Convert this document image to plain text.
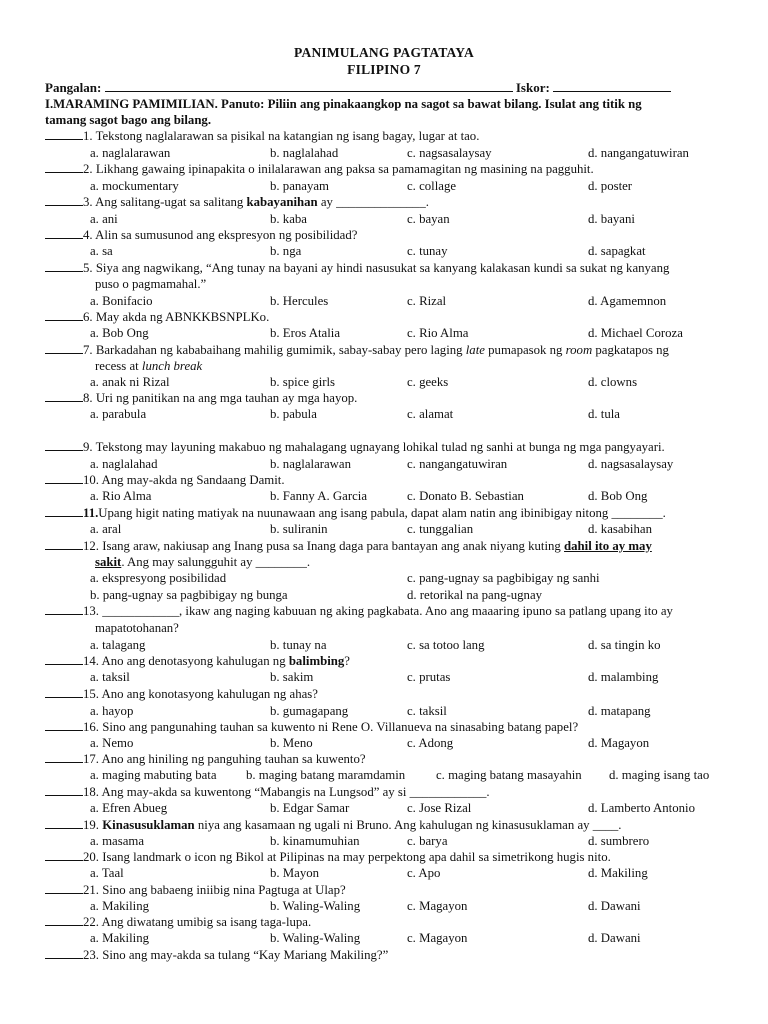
PANIMULANG PAGTATAYA
FILIPINO 7
Pangalan:	Iskor:
I.MARAMING PAMIMILIAN. Panuto: Piliin ang pinakaangkop na sagot sa bawat bilang. Isulat ang titik ng
tamang sagot bago ang bilang.
1. Tekstong naglalarawan sa pisikal na katangian ng isang bagay, lugar at tao.
a. naglalarawan	b. naglalahad	c. nagsasalaysay	d. nangangatuwiran
2. Likhang gawaing ipinapakita o inilalarawan ang paksa sa pamamagitan ng masining na pagguhit.
a. mockumentary	b. panayam	c. collage	d. poster
3. Ang salitang-ugat sa salitang kabayanihan ay ______________.
a. ani	b. kaba	c. bayan	d. bayani
4. Alin sa sumusunod ang ekspresyon ng posibilidad?
a. sa	b. nga	c. tunay	d. sapagkat
5. Siya ang nagwikang, “Ang tunay na bayani ay hindi nasusukat sa kanyang kalakasan kundi sa sukat ng kanyang
puso o pagmamahal.”
a. Bonifacio	b. Hercules	c. Rizal	d. Agamemnon
6. May akda ng ABNKKBSNPLKo.
a. Bob Ong	b. Eros Atalia	c. Rio Alma	d. Michael Coroza
7. Barkadahan ng kababaihang mahilig gumimik, sabay-sabay pero laging late pumapasok ng room pagkatapos ng
recess at lunch break
a. anak ni Rizal	b. spice girls	c. geeks	d. clowns
8. Uri ng panitikan na ang mga tauhan ay mga hayop.
a. parabula	b. pabula	c. alamat	d. tula
9. Tekstong may layuning makabuo ng mahalagang ugnayang lohikal tulad ng sanhi at bunga ng mga pangyayari.
a. naglalahad	b. naglalarawan	c. nangangatuwiran	d. nagsasalaysay
10. Ang may-akda ng Sandaang Damit.
a. Rio Alma	b. Fanny A. Garcia	c. Donato B. Sebastian	d. Bob Ong
11.Upang higit nating matiyak na nuunawaan ang isang pabula, dapat alam natin ang ibinibigay nitong ________.
a. aral	b. suliranin	c. tunggalian	d. kasabihan
12. Isang araw, nakiusap ang Inang pusa sa Inang daga para bantayan ang anak niyang kuting dahil ito ay may
sakit. Ang may salungguhit ay ________.
a. ekspresyong posibilidad	c. pang-ugnay sa pagbibigay ng sanhi
b. pang-ugnay sa pagbibigay ng bunga	d. retorikal na pang-ugnay
13. ____________, ikaw ang naging kabuuan ng aking pagkabata. Ano ang maaaring ipuno sa patlang upang ito ay
mapatotohanan?
a. talagang	b. tunay na	c. sa totoo lang	d. sa tingin ko
14. Ano ang denotasyong kahulugan ng balimbing?
a. taksil	b. sakim	c. prutas	d. malambing
15. Ano ang konotasyong kahulugan ng ahas?
a. hayop	b. gumagapang	c. taksil	d. matapang
16. Sino ang pangunahing tauhan sa kuwento ni Rene O. Villanueva na sinasabing batang papel?
a. Nemo	b. Meno	c. Adong	d. Magayon
17. Ano ang hiniling ng panguhing tauhan sa kuwento?
a. maging mabuting bata b. maging batang maramdamin c. maging batang masayahin d. maging isang tao
18. Ang may-akda sa kuwentong “Mabangis na Lungsod” ay si ____________.
a. Efren Abueg	b. Edgar Samar	c. Jose Rizal	d. Lamberto Antonio
19. Kinasusuklaman niya ang kasamaan ng ugali ni Bruno. Ang kahulugan ng kinasusuklaman ay ____.
a. masama	b. kinamumuhian	c. barya	d. sumbrero
20. Isang landmark o icon ng Bikol at Pilipinas na may perpektong apa dahil sa simetrikong hugis nito.
a. Taal	b. Mayon	c. Apo	d. Makiling
21. Sino ang babaeng iniibig nina Pagtuga at Ulap?
a. Makiling	b. Waling-Waling	c. Magayon	d. Dawani
22. Ang diwatang umibig sa isang taga-lupa.
a. Makiling	b. Waling-Waling	c. Magayon	d. Dawani
23. Sino ang may-akda sa tulang “Kay Mariang Makiling?”
